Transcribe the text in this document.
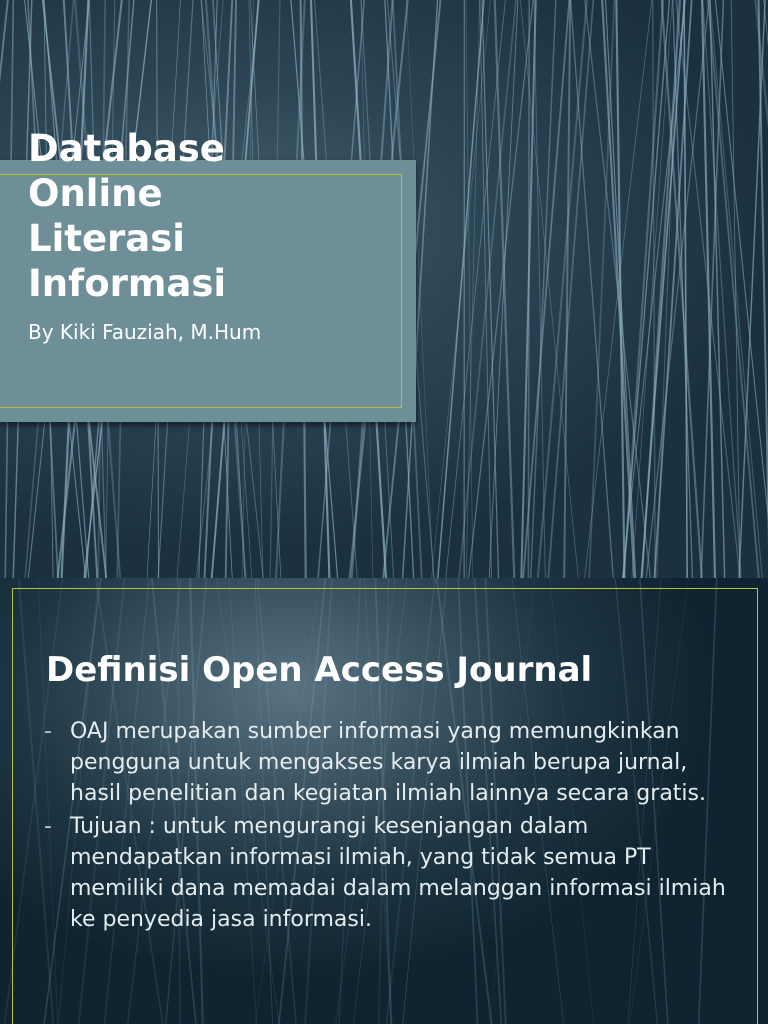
Database
Online
Literasi
Informasi

By Kiki Fauziah, M.Hum

Definisi Open Access Journal
- OAJ merupakan sumber informasi yang memungkinkan pengguna untuk mengakses karya ilmiah berupa jurnal, hasil penelitian dan kegiatan ilmiah lainnya secara gratis.
- Tujuan : untuk mengurangi kesenjangan dalam mendapatkan informasi ilmiah, yang tidak semua PT memiliki dana memadai dalam melanggan informasi ilmiah ke penyedia jasa informasi.
